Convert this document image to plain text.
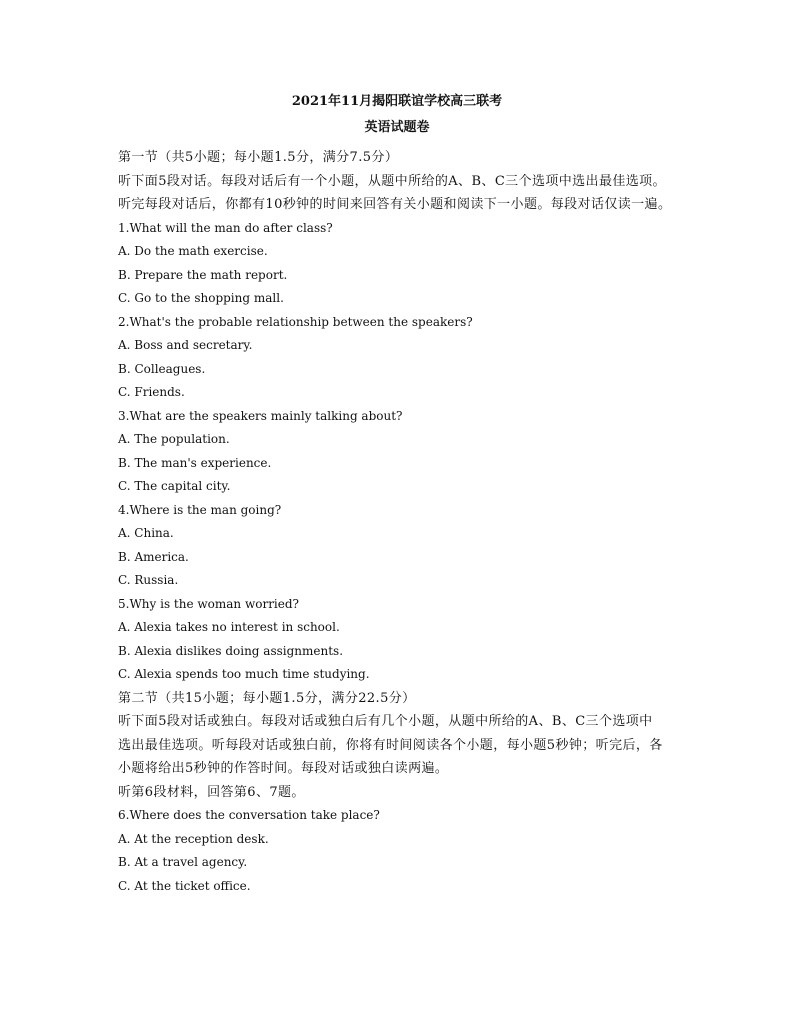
2021年11月揭阳联谊学校高三联考
英语试题卷
第一节（共5小题；每小题1.5分，满分7.5分）
听下面5段对话。每段对话后有一个小题，从题中所给的A、B、C三个选项中选出最佳选项。
听完每段对话后，你都有10秒钟的时间来回答有关小题和阅读下一小题。每段对话仅读一遍。
1.What will the man do after class?
A. Do the math exercise.
B. Prepare the math report.
C. Go to the shopping mall.
2.What's the probable relationship between the speakers?
A. Boss and secretary.
B. Colleagues.
C. Friends.
3.What are the speakers mainly talking about?
A. The population.
B. The man's experience.
C. The capital city.
4.Where is the man going?
A. China.
B. America.
C. Russia.
5.Why is the woman worried?
A. Alexia takes no interest in school.
B. Alexia dislikes doing assignments.
C. Alexia spends too much time studying.
第二节（共15小题；每小题1.5分，满分22.5分）
听下面5段对话或独白。每段对话或独白后有几个小题，从题中所给的A、B、C三个选项中
选出最佳选项。听每段对话或独白前，你将有时间阅读各个小题，每小题5秒钟；听完后，各
小题将给出5秒钟的作答时间。每段对话或独白读两遍。
听第6段材料，回答第6、7题。
6.Where does the conversation take place?
A. At the reception desk.
B. At a travel agency.
C. At the ticket office.
